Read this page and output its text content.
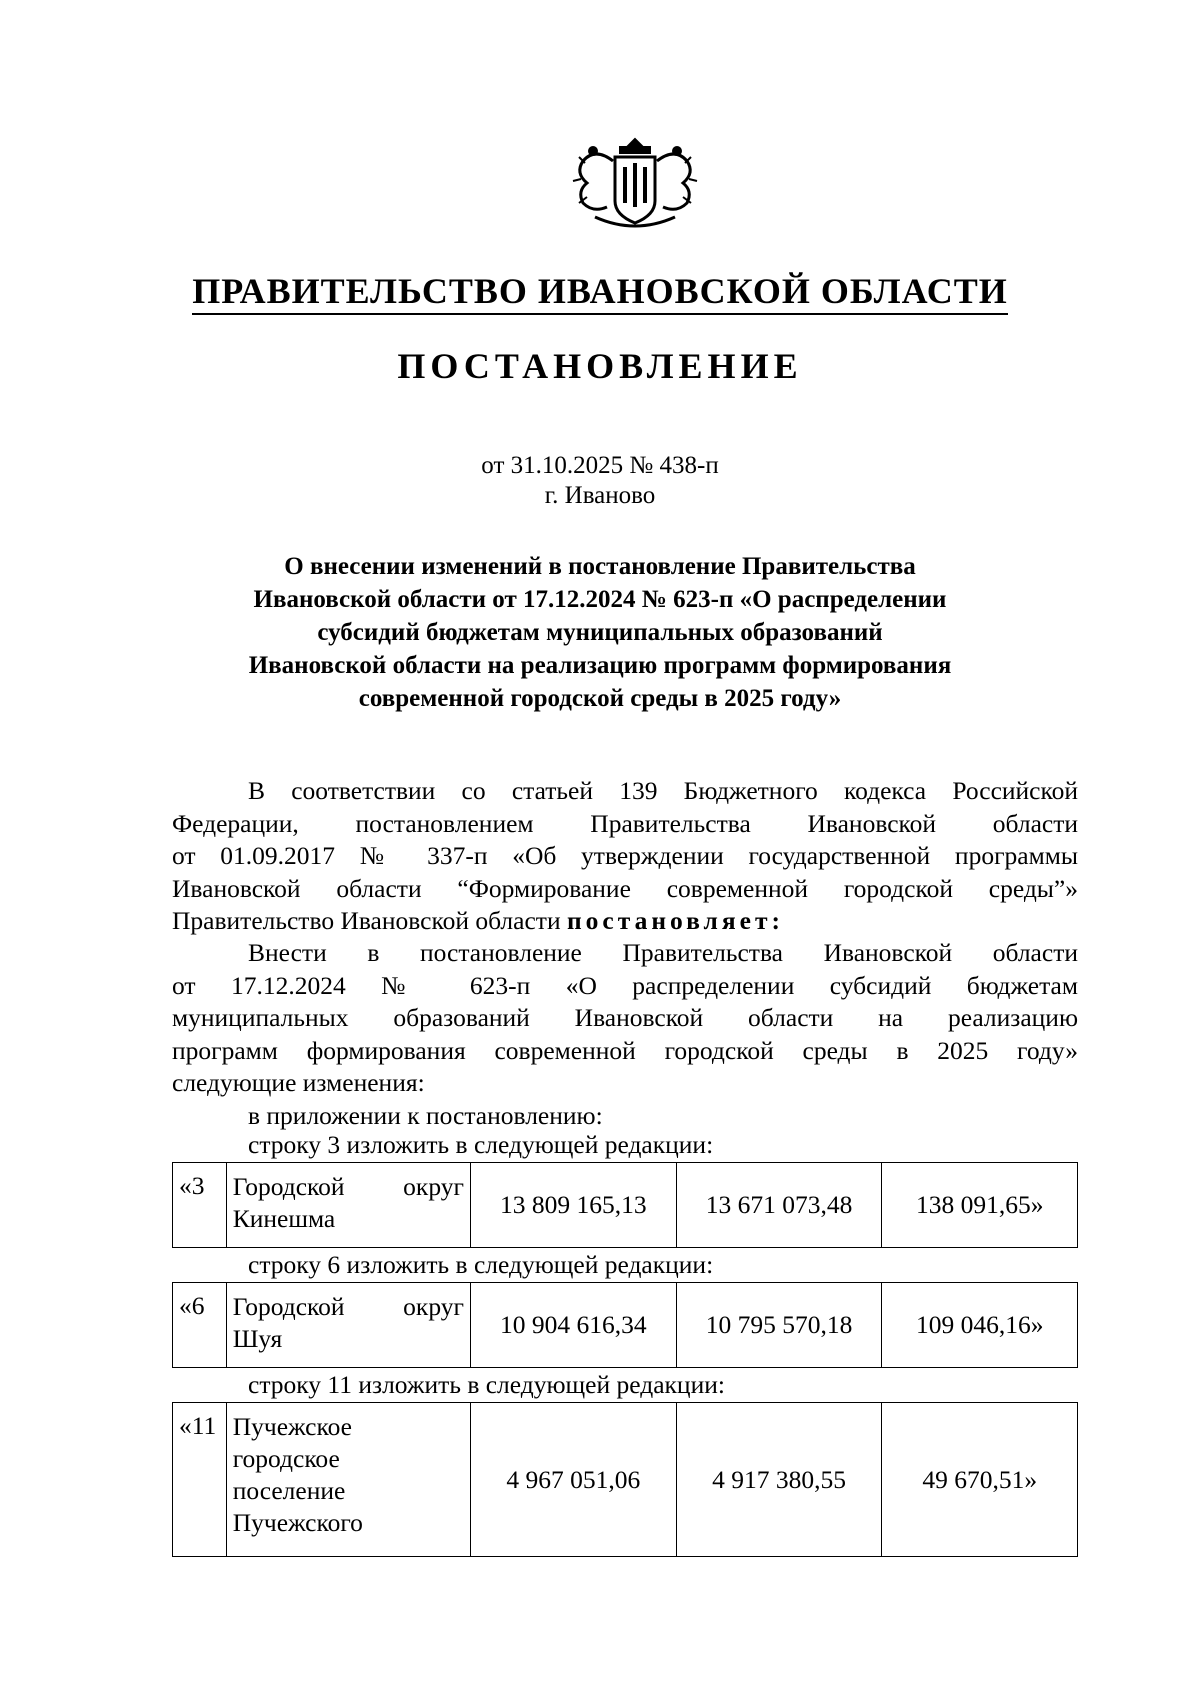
ПРАВИТЕЛЬСТВО ИВАНОВСКОЙ ОБЛАСТИ
ПОСТАНОВЛЕНИЕ
от 31.10.2025 № 438-п
г. Иваново
О внесении изменений в постановление Правительства
Ивановской области от 17.12.2024 № 623-п «О распределении
субсидий бюджетам муниципальных образований
Ивановской области на реализацию программ формирования
современной городской среды в 2025 году»
В соответствии со статьей 139 Бюджетного кодекса Российской
Федерации, постановлением Правительства Ивановской области
от 01.09.2017 № 337-п «Об утверждении государственной программы
Ивановской области “Формирование современной городской среды”»
Правительство Ивановской области постановляет:
Внести в постановление Правительства Ивановской области
от 17.12.2024 № 623-п «О распределении субсидий бюджетам
муниципальных образований Ивановской области на реализацию
программ формирования современной городской среды в 2025 году»
следующие изменения:
в приложении к постановлению:
строку 3 изложить в следующей редакции:
«3	Городской округ
Кинешма	13 809 165,13	13 671 073,48	138 091,65»
строку 6 изложить в следующей редакции:
«6	Городской округ
Шуя	10 904 616,34	10 795 570,18	109 046,16»
строку 11 изложить в следующей редакции:
«11	Пучежское
городское
поселение
Пучежского
	4 967 051,06	4 917 380,55	49 670,51»
